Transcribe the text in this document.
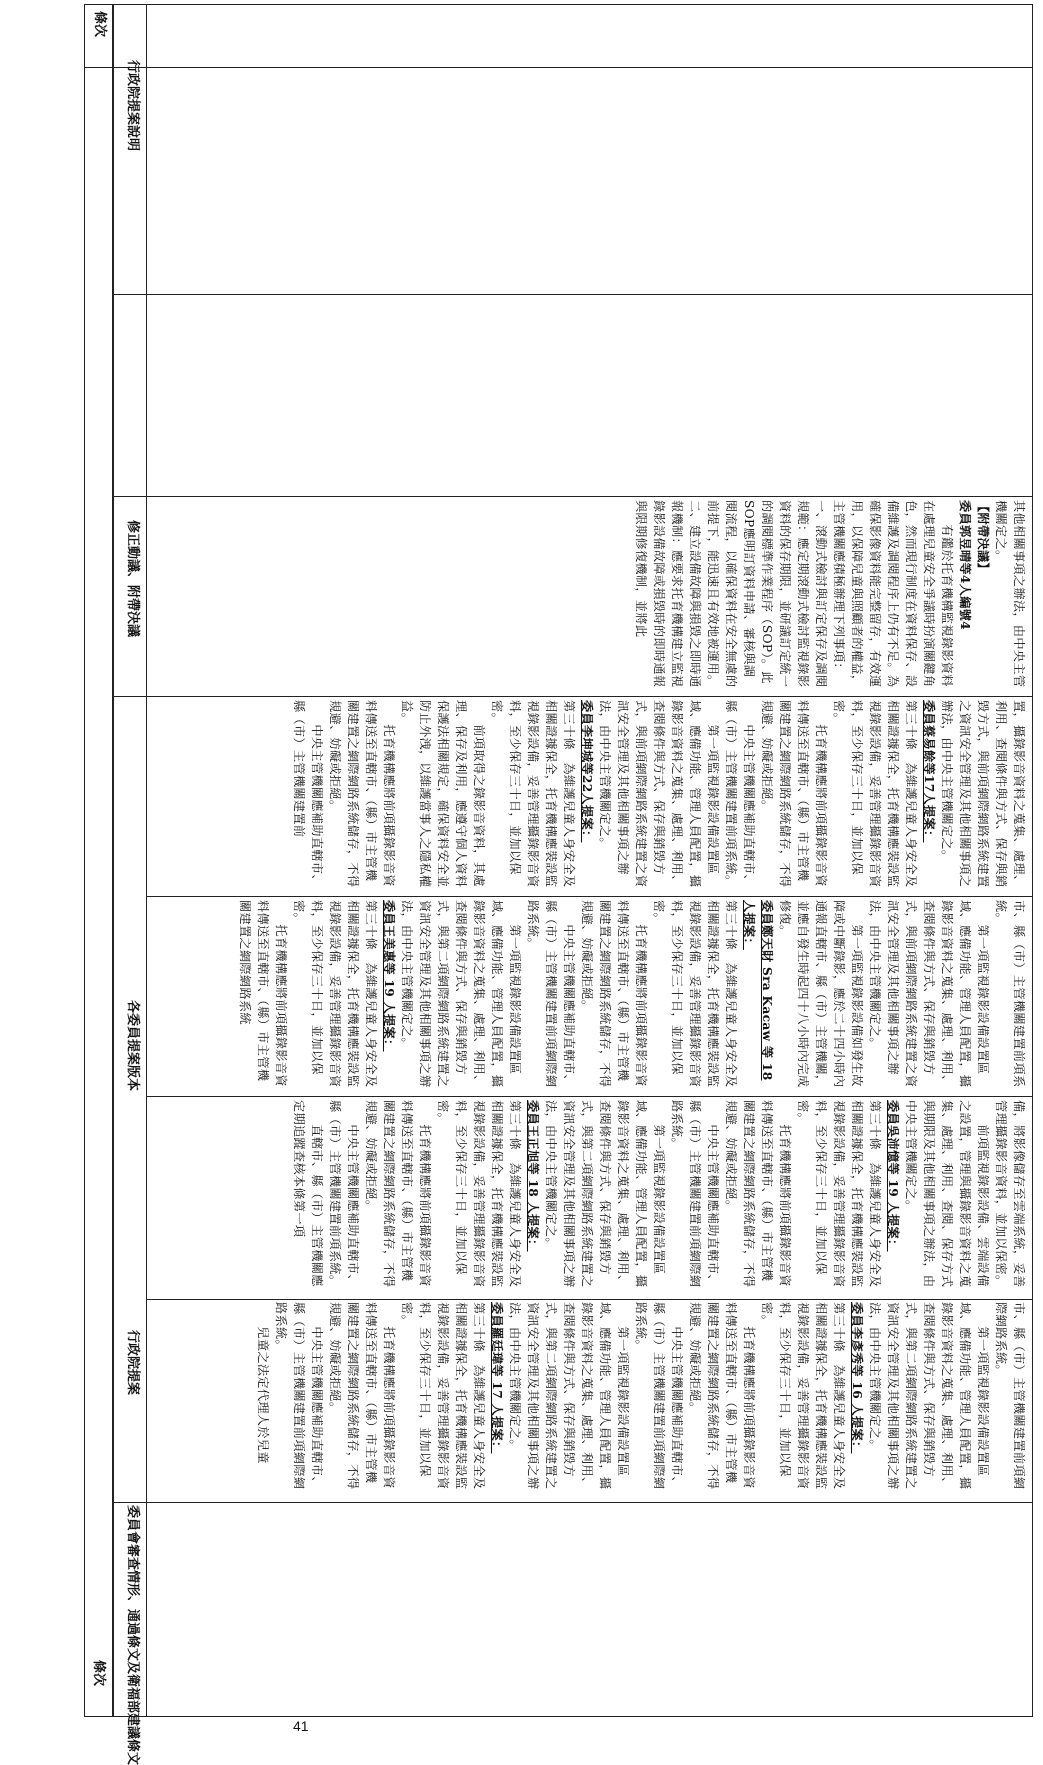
條次
條次 委員會審查情形、通過條文及衛福部建議條文
行政院提案
修正動議、附帶決議
各委員提案版本
行政院提案說明

其他相關事項之辦法，由中央主管機關定之。

【附帶決議】

委員郭昱晴等4人編號4

有鑑於托育機構監視錄影資料在處理兒童安全爭議時扮演關鍵角色，然而現行制度在資料保存、設備維護及調閱程序上仍有不足。為確保影像資料能完整留存，有效運用，以保障兒童與照顧者的權益，主管機關應積極辦理下列事項：

一、滾動式檢討與訂定保存及調閱規範：應定期滾動式檢討監視錄影資料的保存期限，並研議訂定統一的調閱標準作業程序（SOP）。此SOP應明訂資料申請、審核與調閱流程，以確保資料在安全無虞的前提下，能迅速且有效地被運用。

二、建立設備故障與損毀之即時通報機制：應要求托育機構建立監視錄影設備故障或損毀時的即時通報與限期修復機制，並將此

置，攝錄影音資料之蒐集、處理、利用、查閱條件與方式、保存與銷毀方式，與前項網際網路系統建置之資訊安全管理及其他相關事項之辦法，由中央主管機關定之。

委員蔡易餘等17人提案：

第三十條　為維護兒童人身安全及相關證據保全，托育機構應裝設監視錄影設備，妥善管理攝錄影音資料，至少保存三十日，並加以保密。

托育機構應將前項攝錄影音資料傳送至直轄市、（縣）市主管機關建置之網際網路系統儲存，不得規避、妨礙或拒絕。

中央主管機關應補助直轄市、縣（市）主管機關建置前項系統。

第一項監視錄影設備設置區域、應備功能、管理人員配置，攝錄影音資料之蒐集、處理、利用、查閱條件與方式、保存與銷毀方式，與前項網際網路系統建置之資訊安全管理及其他相關事項之辦法，由中央主管機關定之。

委員李坤城等22人提案：

第三十條　為維護兒童人身安全及相關證據保全，托育機構應裝設監視錄影設備，妥善管理攝錄影音資料，至少保存三十日，並加以保密。

前項取得之錄影音資料，其處理、保存及利用，應遵守個人資料保護法相關規定，確保資料安全並防止外洩，以維護當事人之隱私權益。

托育機構應將前項攝錄影音資料傳送至直轄市、（縣）市主管機關建置之網際網路系統儲存，不得規避、妨礙或拒絕。

中央主管機關應補助直轄市、縣（市）主管機關建置前

市、縣（市）主管機關建置前項系統。

第一項監視錄影設備設置區域、應備功能、管理人員配置，攝錄影音資料之蒐集、處理、利用、查閱條件與方式、保存與銷毀方式，與前項網際網路系統建置之資訊安全管理及其他相關事項之辦法，由中央主管機關定之。

第一項監視錄影設備如發生故障或中斷錄影，應於二十四小時內通報直轄市、縣（市）主管機關，並應自發生時起四十八小時內完成修復。

委員鄭天財 Sra Kacaw 等 18 人提案：

第三十條　為維護兒童人身安全及相關證據保全，托育機構應裝設監視錄影設備，妥善管理攝錄影音資料，至少保存三十日，並加以保密。

托育機構應將前項攝錄影音資料傳送至直轄市、（縣）市主管機關建置之網際網路系統儲存，不得規避、妨礙或拒絕。

中央主管機關應補助直轄市、縣（市）主管機關建置前項網際網路系統。

第一項監視錄影設備設置區域、應備功能、管理人員配置，攝錄影音資料之蒐集、處理、利用、查閱條件與方式、保存與銷毀方式，與第二項網際網路系統建置之資訊安全管理及其他相關事項之辦法，由中央主管機關定之。

委員王美惠等 19 人提案：

第三十條　為維護兒童人身安全及相關證據保全，托育機構應裝設監視錄影設備，妥善管理攝錄影音資料，至少保存三十日，並加以保密。

托育機構應將前項攝錄影音資料傳送至直轄市、（縣）市主管機關建置之網際網路系統

備，將影像儲存至雲端系統，妥善管理攝錄影音資料，並加以保密。

前項監視錄影設備、雲端設備之設置，管理與攝錄影音資料之蒐集、處理、利用、查閱、保存方式與期限及其他相關事項之辦法，由中央主管機關定之。

委員吳沛憶等 19 人提案：

第三十條　為維護兒童人身安全及相關證據保全，托育機構應裝設監視錄影設備，妥善管理攝錄影音資料，至少保存三十日，並加以保密。

托育機構應將前項攝錄影音資料傳送至直轄市、（縣）市主管機關建置之網際網路系統儲存，不得規避、妨礙或拒絕。

中央主管機關應補助直轄市、縣（市）主管機關建置前項網際網路系統。

第一項監視錄影設備設置區域、應備功能、管理人員配置，攝錄影音資料之蒐集、處理、利用、查閱條件與方式、保存與銷毀方式，與第二項網際網路系統建置之資訊安全管理及其他相關事項之辦法，由中央主管機關定之。

委員王正旭等 18 人提案：

第三十條　為維護兒童人身安全及相關證據保全，托育機構應裝設監視錄影設備，妥善管理攝錄影音資料，至少保存三十日，並加以保密。

托育機構應將前項攝錄影音資料傳送至直轄市、（縣）市主管機關建置之網際網路系統儲存，不得規避、妨礙或拒絕。

中央主管機關應補助直轄市、縣（市）主管機關建置前項系統。

直轄市、縣（市）主管機關應定期追蹤查核本條第一項

市、縣（市）主管機關建置前項網際網路系統。

第一項監視錄影設備設置區域、應備功能、管理人員配置，攝錄影音資料之蒐集、處理、利用、查閱條件與方式、保存與銷毀方式，與第二項網際網路系統建置之資訊安全管理及其他相關事項之辦法，由中央主管機關定之。

委員李彥秀等 16 人提案：

第三十條　為維護兒童人身安全及相關證據保全，托育機構應裝設監視錄影設備，妥善管理攝錄影音資料，至少保存三十日，並加以保密。

托育機構應將前項攝錄影音資料傳送至直轄市、（縣）市主管機關建置之網際網路系統儲存，不得規避、妨礙或拒絕。

中央主管機關應補助直轄市、縣（市）主管機關建置前項網際網路系統。

第一項監視錄影設備設置區域、應備功能、管理人員配置，攝錄影音資料之蒐集、處理、利用、查閱條件與方式、保存與銷毀方式，與第二項網際網路系統建置之資訊安全管理及其他相關事項之辦法，由中央主管機關定之。

委員羅廷瑋等 17 人提案：

第三十條　為維護兒童人身安全及相關證據保全，托育機構應裝設監視錄影設備，妥善管理攝錄影音資料，至少保存三十日，並加以保密。

托育機構應將前項攝錄影音資料傳送至直轄市、（縣）市主管機關建置之網際網路系統儲存，不得規避、妨礙或拒絕。

中央主管機關應補助直轄市、縣（市）主管機關建置前項網際網路系統。

兒童之法定代理人於兒童

41
